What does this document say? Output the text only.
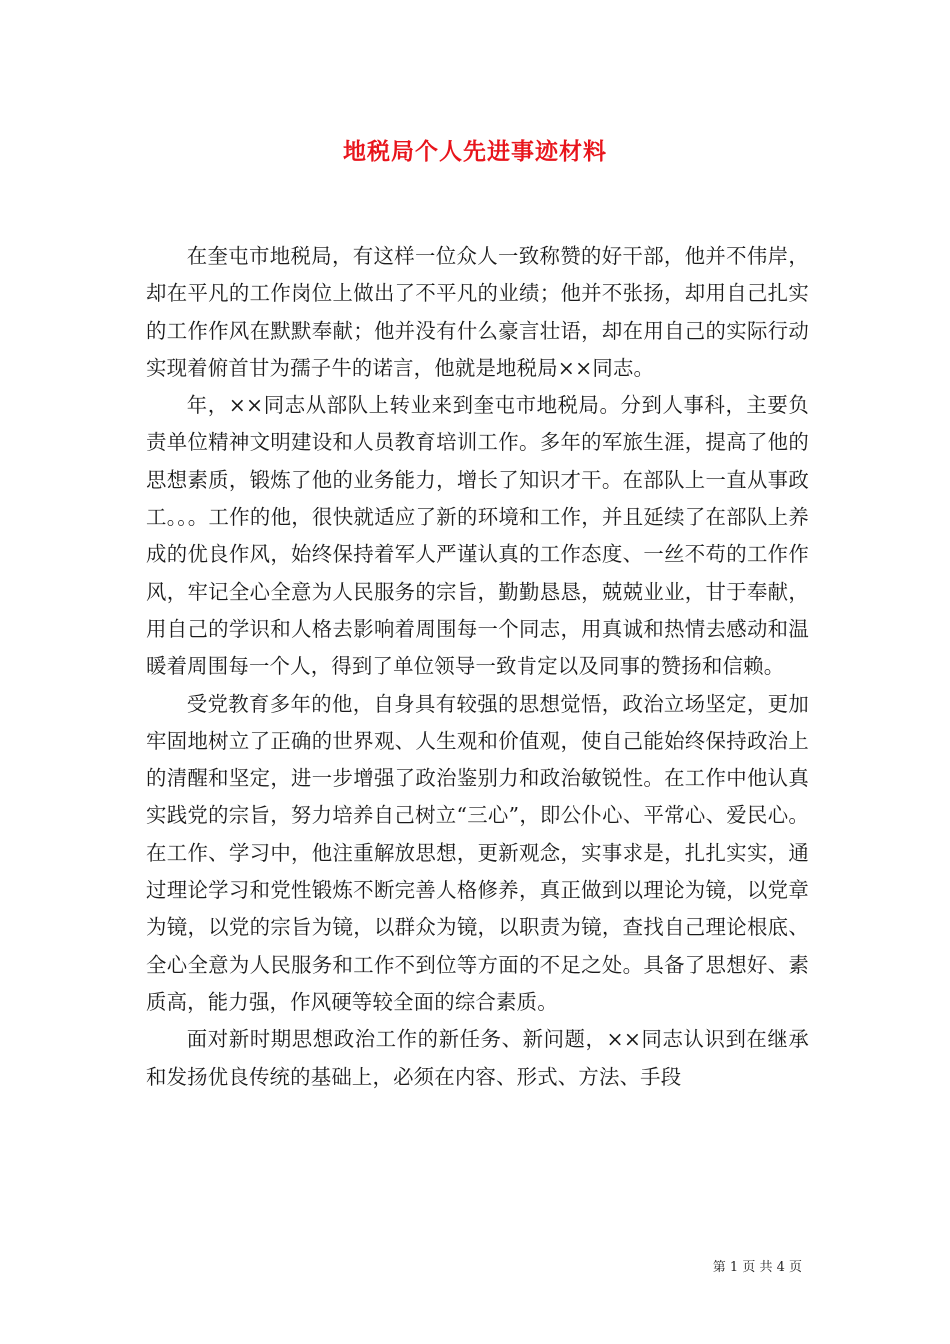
地税局个人先进事迹材料

在奎屯市地税局，有这样一位众人一致称赞的好干部，他并不伟岸，却在平凡的工作岗位上做出了不平凡的业绩；他并不张扬，却用自己扎实的工作作风在默默奉献；他并没有什么豪言壮语，却在用自己的实际行动实现着俯首甘为孺子牛的诺言，他就是地税局××同志。

年，××同志从部队上转业来到奎屯市地税局。分到人事科，主要负责单位精神文明建设和人员教育培训工作。多年的军旅生涯，提高了他的思想素质，锻炼了他的业务能力，增长了知识才干。在部队上一直从事政工。。。工作的他，很快就适应了新的环境和工作，并且延续了在部队上养成的优良作风，始终保持着军人严谨认真的工作态度、一丝不苟的工作作风，牢记全心全意为人民服务的宗旨，勤勤恳恳，兢兢业业，甘于奉献，用自己的学识和人格去影响着周围每一个同志，用真诚和热情去感动和温暖着周围每一个人，得到了单位领导一致肯定以及同事的赞扬和信赖。

受党教育多年的他，自身具有较强的思想觉悟，政治立场坚定，更加牢固地树立了正确的世界观、人生观和价值观，使自己能始终保持政治上的清醒和坚定，进一步增强了政治鉴别力和政治敏锐性。在工作中他认真实践党的宗旨，努力培养自己树立“三心”，即公仆心、平常心、爱民心。在工作、学习中，他注重解放思想，更新观念，实事求是，扎扎实实，通过理论学习和党性锻炼不断完善人格修养，真正做到以理论为镜，以党章为镜，以党的宗旨为镜，以群众为镜，以职责为镜，查找自己理论根底、全心全意为人民服务和工作不到位等方面的不足之处。具备了思想好、素质高，能力强，作风硬等较全面的综合素质。

面对新时期思想政治工作的新任务、新问题，××同志认识到在继承和发扬优良传统的基础上，必须在内容、形式、方法、手段

第 1 页 共 4 页
